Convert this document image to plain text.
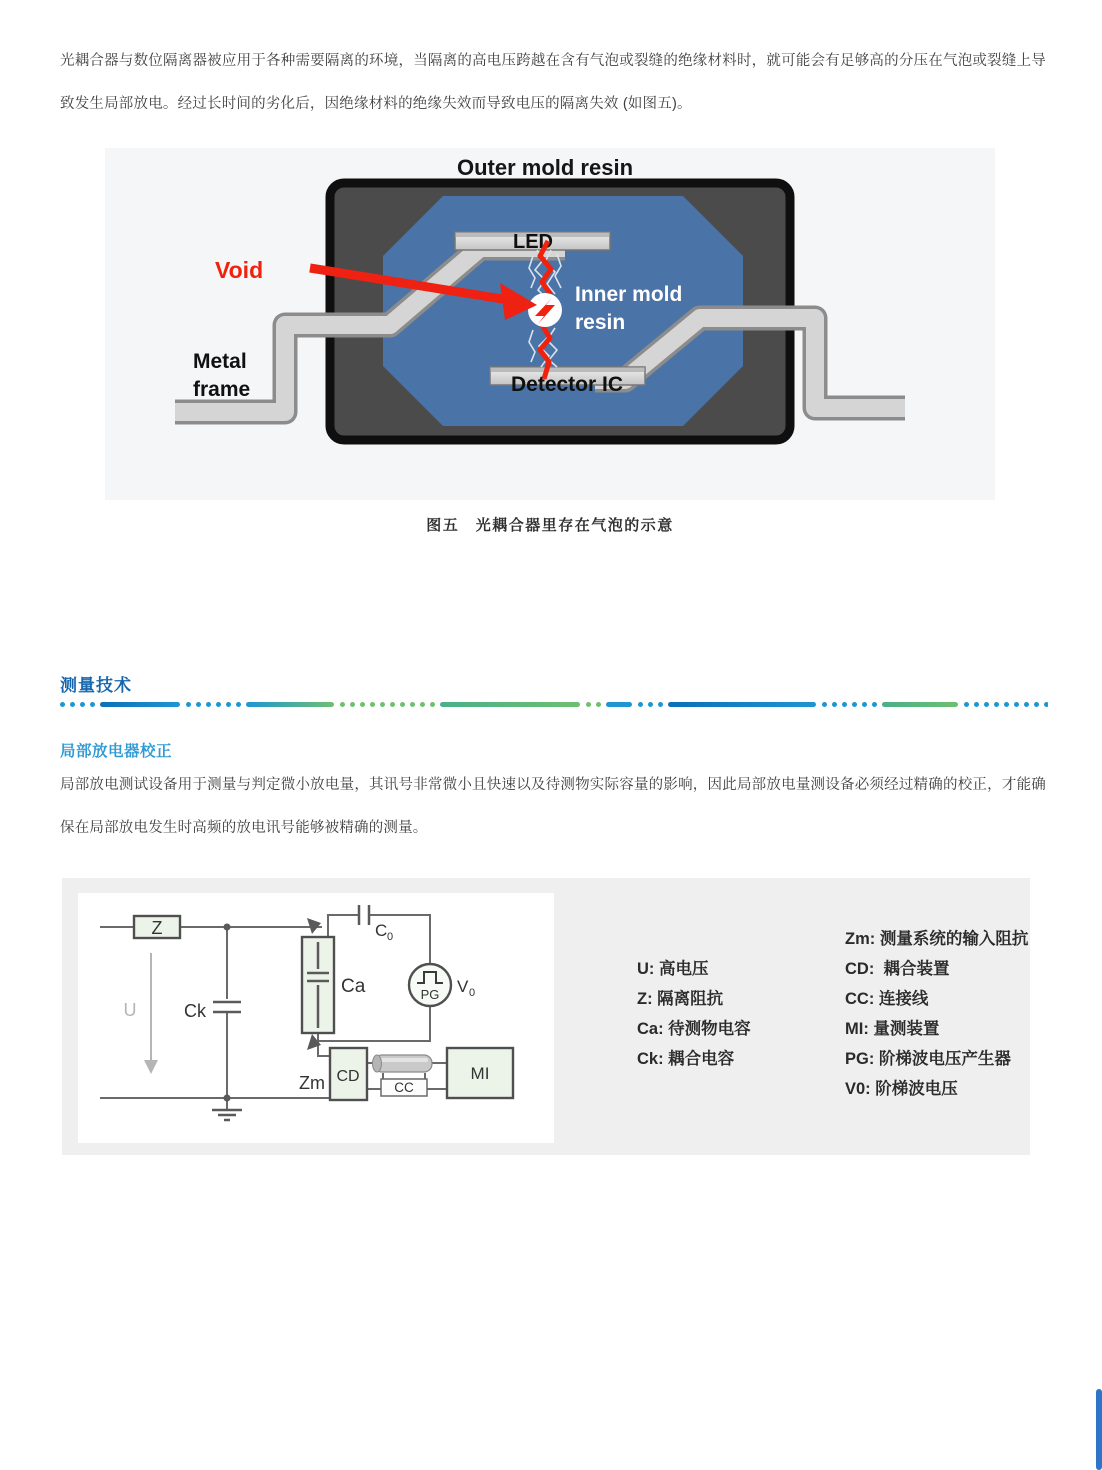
光耦合器与数位隔离器被应用于各种需要隔离的环境，当隔离的高电压跨越在含有气泡或裂缝的绝缘材料时，就可能会有足够高的分压在气泡或裂缝上导致发生局部放电。经过长时间的劣化后，因绝缘材料的绝缘失效而导致电压的隔离失效 (如图五)。

Outer mold resin
LED
Void
Inner mold
resin
Metal
frame	Detector IC
图五　光耦合器里存在气泡的示意
测量技术
局部放电器校正

局部放电测试设备用于测量与判定微小放电量，其讯号非常微小且快速以及待测物实际容量的影响，因此局部放电量测设备必须经过精确的校正，才能确保在局部放电发生时高频的放电讯号能够被精确的测量。

Z
U	Ck
Ca
C 0
PG V 0
Zm CD
CC
MI
U: 高电压
Z: 隔离阻抗
Ca: 待测物电容
Ck: 耦合电容
Zm: 测量系统的输入阻抗
CD:  耦合装置
CC: 连接线
MI: 量测装置
PG: 阶梯波电压产生器
V0: 阶梯波电压
